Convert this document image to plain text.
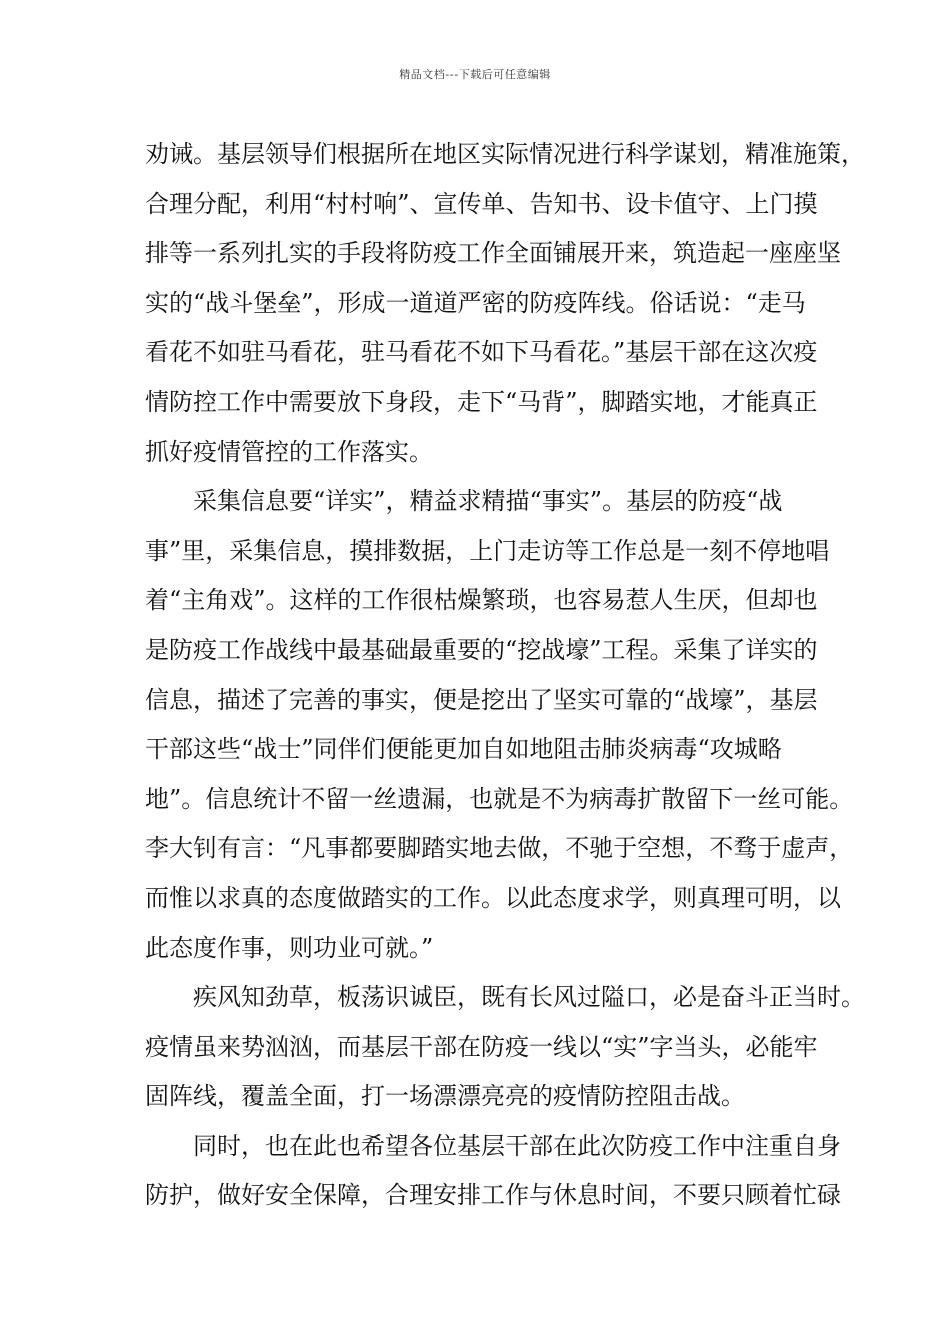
精品文档---下载后可任意编辑

劝诫。基层领导们根据所在地区实际情况进行科学谋划，精准施策，
合理分配，利用“村村响”、宣传单、告知书、设卡值守、上门摸
排等一系列扎实的手段将防疫工作全面铺展开来，筑造起一座座坚
实的“战斗堡垒”，形成一道道严密的防疫阵线。俗话说：“走马
看花不如驻马看花，驻马看花不如下马看花。”基层干部在这次疫
情防控工作中需要放下身段，走下“马背”，脚踏实地，才能真正
抓好疫情管控的工作落实。

采集信息要“详实”，精益求精描“事实”。基层的防疫“战

事”里，采集信息，摸排数据，上门走访等工作总是一刻不停地唱
着“主角戏”。这样的工作很枯燥繁琐，也容易惹人生厌，但却也
是防疫工作战线中最基础最重要的“挖战壕”工程。采集了详实的
信息，描述了完善的事实，便是挖出了坚实可靠的“战壕”，基层
干部这些“战士”同伴们便能更加自如地阻击肺炎病毒“攻城略
地”。信息统计不留一丝遗漏，也就是不为病毒扩散留下一丝可能。
李大钊有言：“凡事都要脚踏实地去做，不驰于空想，不骛于虚声，
而惟以求真的态度做踏实的工作。以此态度求学，则真理可明，以
此态度作事，则功业可就。”

疾风知劲草，板荡识诚臣，既有长风过隘口，必是奋斗正当时。

疫情虽来势汹汹，而基层干部在防疫一线以“实”字当头，必能牢
固阵线，覆盖全面，打一场漂漂亮亮的疫情防控阻击战。

同时，也在此也希望各位基层干部在此次防疫工作中注重自身

防护，做好安全保障，合理安排工作与休息时间，不要只顾着忙碌
